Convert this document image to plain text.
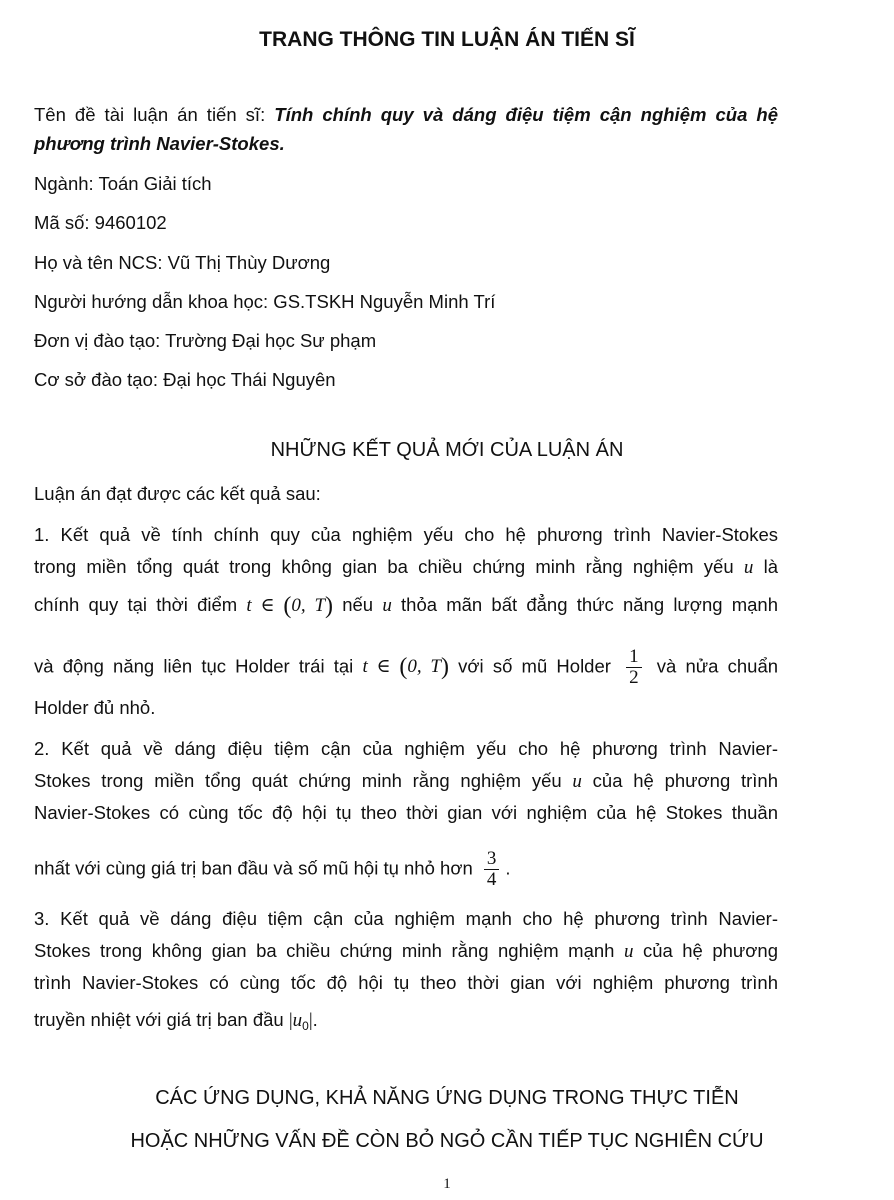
TRANG THÔNG TIN LUẬN ÁN TIẾN SĨ
Tên đề tài luận án tiến sĩ: Tính chính quy và dáng điệu tiệm cận nghiệm của hệ
phương trình Navier-Stokes.
Ngành: Toán Giải tích
Mã số: 9460102
Họ và tên NCS: Vũ Thị Thùy Dương
Người hướng dẫn khoa học: GS.TSKH Nguyễn Minh Trí
Đơn vị đào tạo: Trường Đại học Sư phạm
Cơ sở đào tạo: Đại học Thái Nguyên
NHỮNG KẾT QUẢ MỚI CỦA LUẬN ÁN
Luận án đạt được các kết quả sau:
1. Kết quả về tính chính quy của nghiệm yếu cho hệ phương trình Navier-Stokes
trong miền tổng quát trong không gian ba chiều chứng minh rằng nghiệm yếu u là
chính quy tại thời điểm t ∈ (0, T) nếu u thỏa mãn bất đẳng thức năng lượng mạnh
và động năng liên tục Holder trái tại t ∈ (0, T) với số mũ Holder $\frac{1}{2}$ và nửa chuẩn
Holder đủ nhỏ.
2. Kết quả về dáng điệu tiệm cận của nghiệm yếu cho hệ phương trình Navier-
Stokes trong miền tổng quát chứng minh rằng nghiệm yếu u của hệ phương trình
Navier-Stokes có cùng tốc độ hội tụ theo thời gian với nghiệm của hệ Stokes thuần
nhất với cùng giá trị ban đầu và số mũ hội tụ nhỏ hơn $\frac{3}{4}$ .
3. Kết quả về dáng điệu tiệm cận của nghiệm mạnh cho hệ phương trình Navier-
Stokes trong không gian ba chiều chứng minh rằng nghiệm mạnh u của hệ phương
trình Navier-Stokes có cùng tốc độ hội tụ theo thời gian với nghiệm phương trình
truyền nhiệt với giá trị ban đầu $|u_0|$.
CÁC ỨNG DỤNG, KHẢ NĂNG ỨNG DỤNG TRONG THỰC TIỄN
HOẶC NHỮNG VẤN ĐỀ CÒN BỎ NGỎ CẦN TIẾP TỤC NGHIÊN CỨU
1
